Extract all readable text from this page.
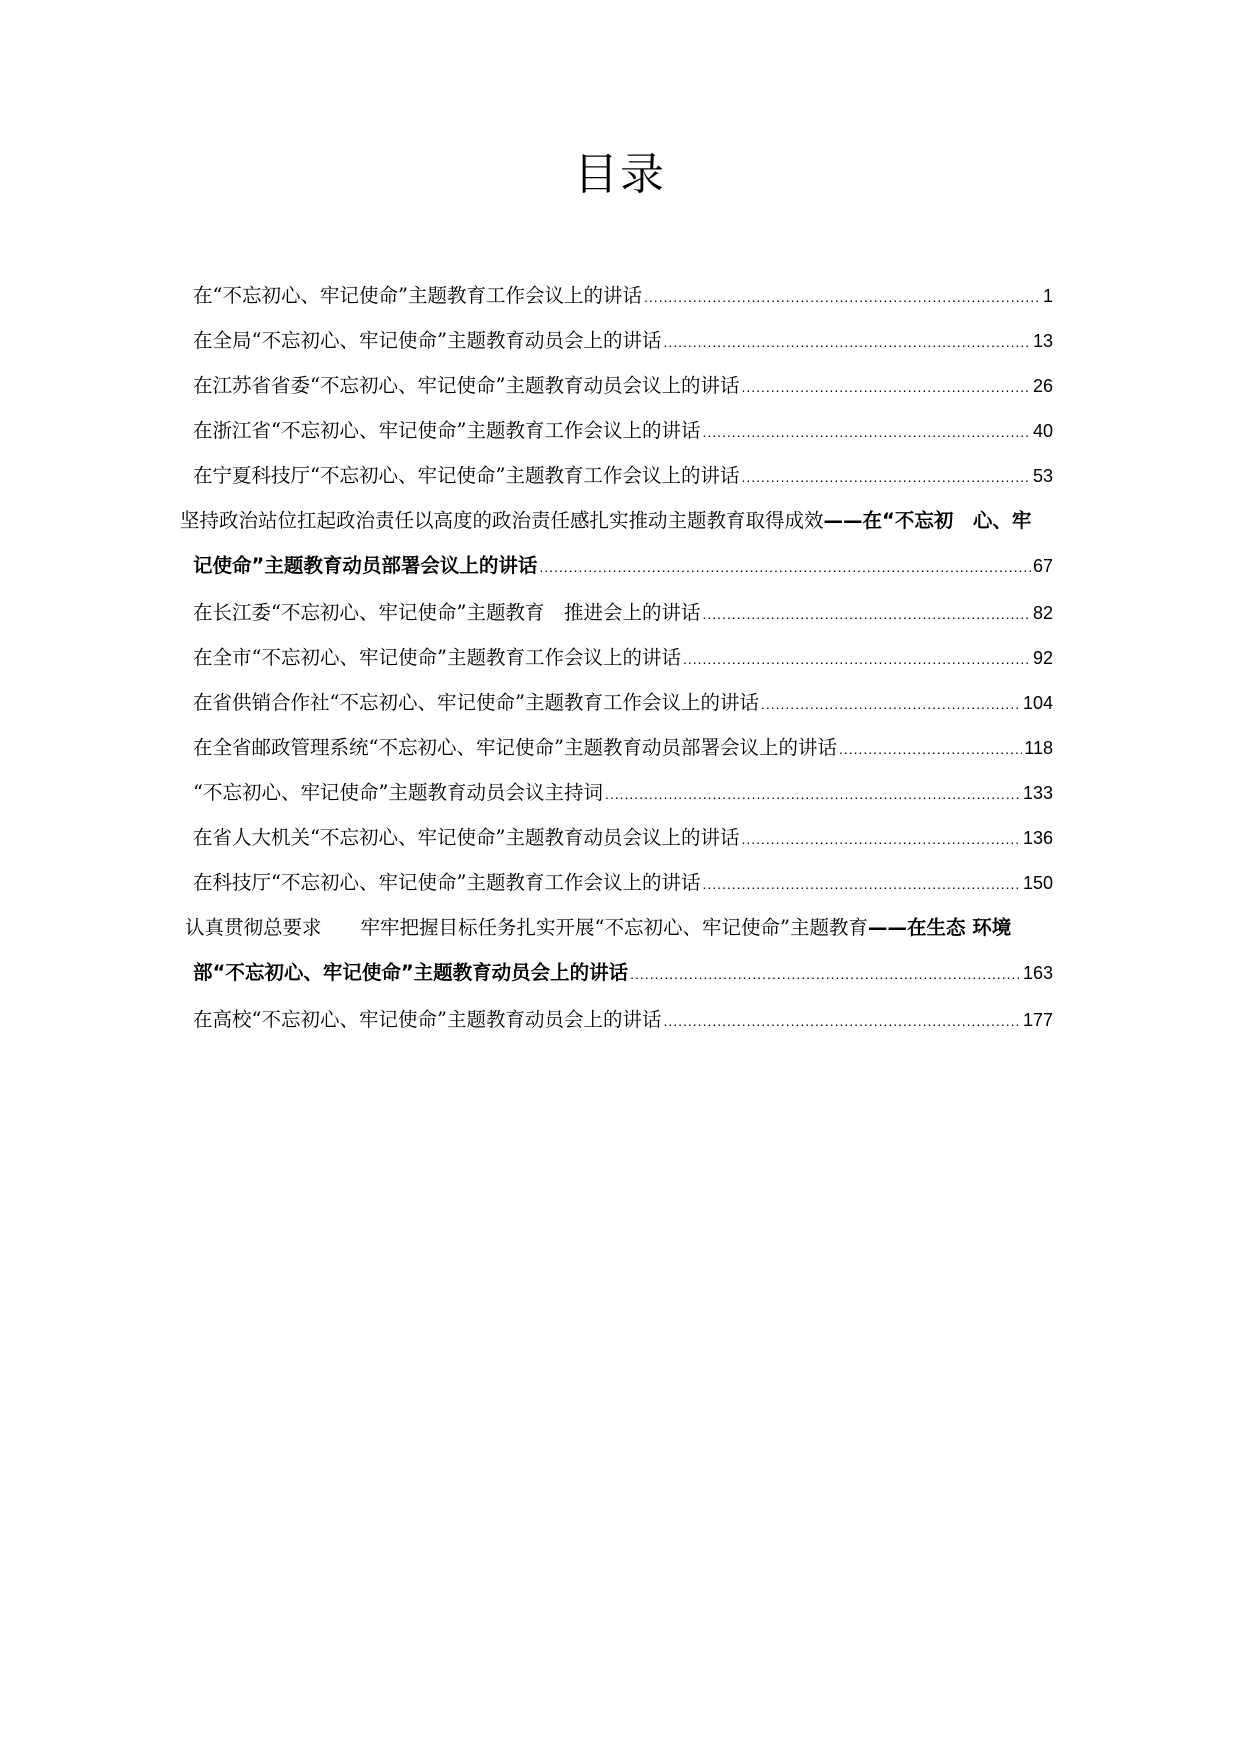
目录
在“不忘初心、牢记使命”主题教育工作会议上的讲话 .....	1
在全局“不忘初心、牢记使命”主题教育动员会上的讲话 .....	13
在江苏省省委“不忘初心、牢记使命”主题教育动员会议上的讲话 .....	26
在浙江省“不忘初心、牢记使命”主题教育工作会议上的讲话 .....	40
在宁夏科技厅“不忘初心、牢记使命”主题教育工作会议上的讲话 .....	53
坚持政治站位扛起政治责任以高度的政治责任感扎实推动主题教育取得成效——在“不忘初　心、牢
记使命”主题教育动员部署会议上的讲话 .....	67
在长江委“不忘初心、牢记使命”主题教育　推进会上的讲话 .....	82
在全市“不忘初心、牢记使命”主题教育工作会议上的讲话 .....	92
在省供销合作社“不忘初心、牢记使命”主题教育工作会议上的讲话 .....	104
在全省邮政管理系统“不忘初心、牢记使命”主题教育动员部署会议上的讲话 .....	118
“不忘初心、牢记使命”主题教育动员会议主持词 .....	133
在省人大机关“不忘初心、牢记使命”主题教育动员会议上的讲话 .....	136
在科技厅“不忘初心、牢记使命”主题教育工作会议上的讲话 .....	150
认真贯彻总要求　　牢牢把握目标任务扎实开展“不忘初心、牢记使命”主题教育——在生态 环境
部“不忘初心、牢记使命”主题教育动员会上的讲话 .....	163
在高校“不忘初心、牢记使命”主题教育动员会上的讲话 .....	177
